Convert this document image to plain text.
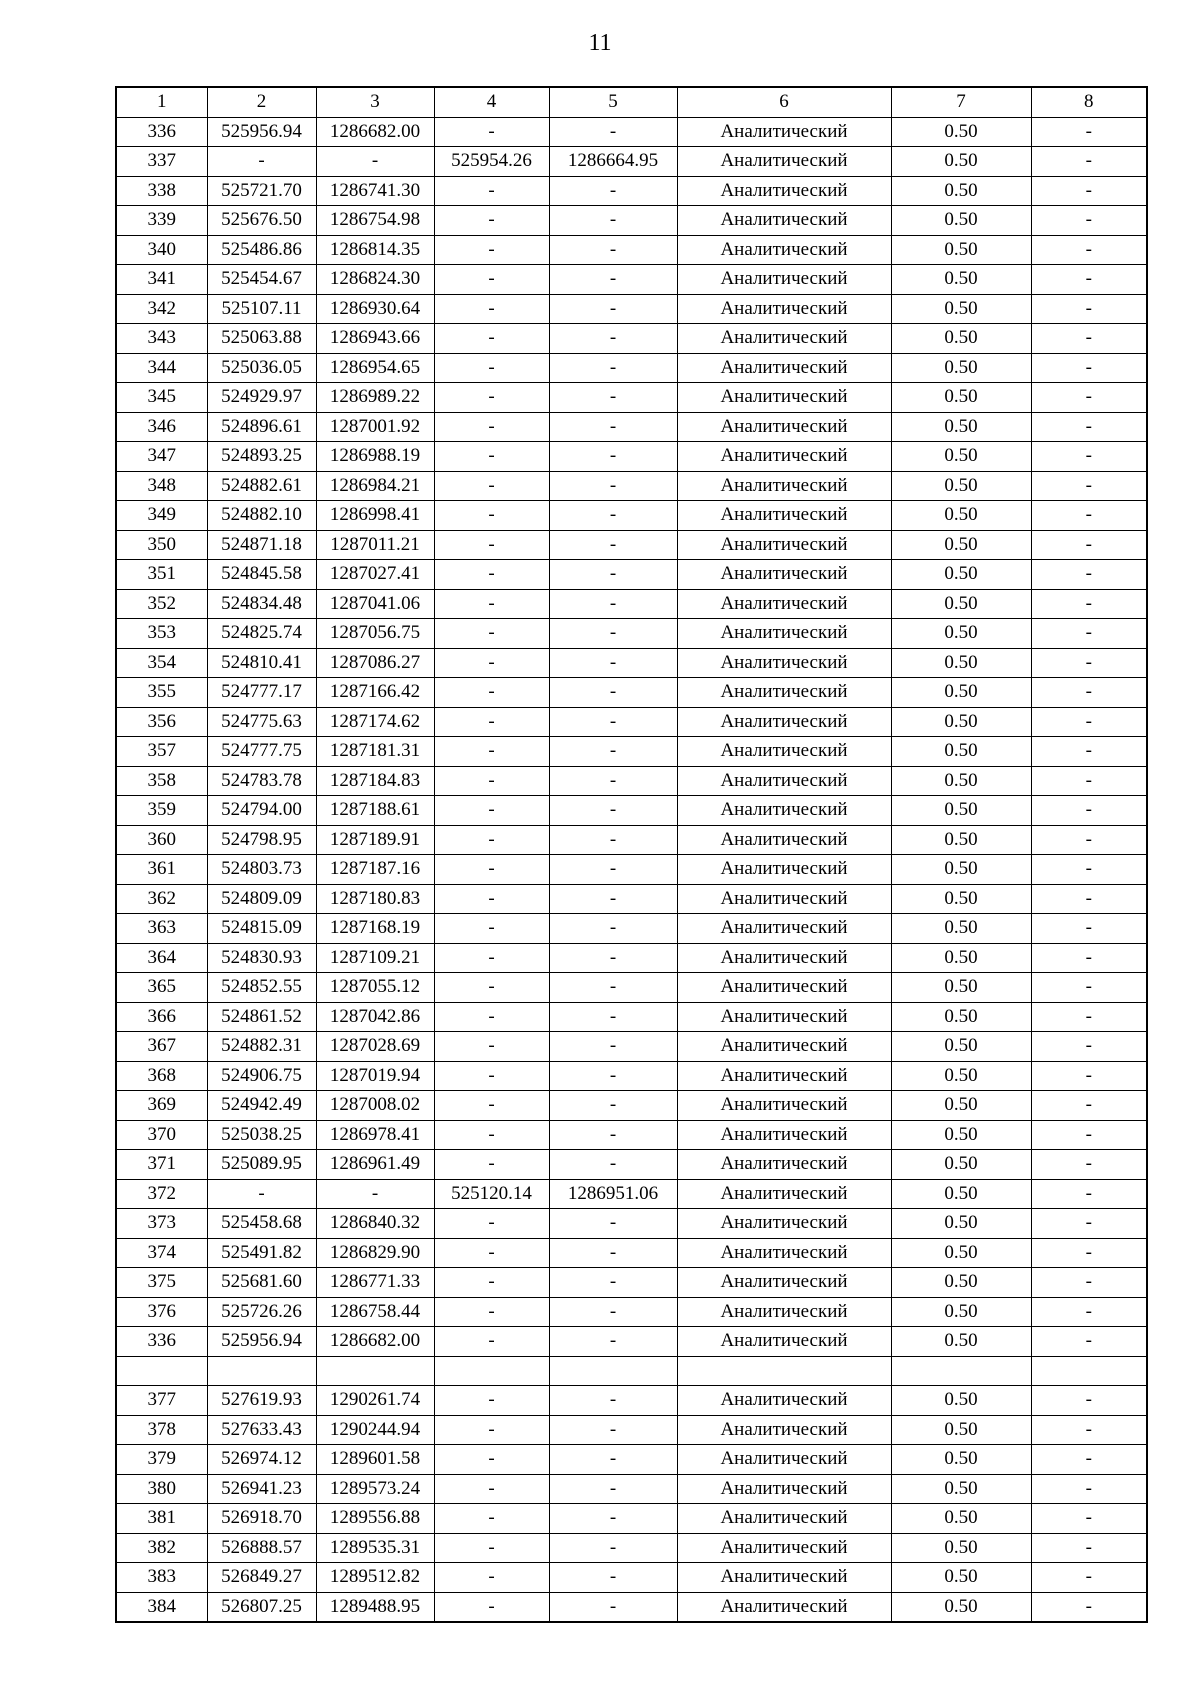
11
1	2	3	4	5	6	7	8
336	525956.94	1286682.00	-	-	Аналитический	0.50	-
337	-	-	525954.26	1286664.95	Аналитический	0.50	-
338	525721.70	1286741.30	-	-	Аналитический	0.50	-
339	525676.50	1286754.98	-	-	Аналитический	0.50	-
340	525486.86	1286814.35	-	-	Аналитический	0.50	-
341	525454.67	1286824.30	-	-	Аналитический	0.50	-
342	525107.11	1286930.64	-	-	Аналитический	0.50	-
343	525063.88	1286943.66	-	-	Аналитический	0.50	-
344	525036.05	1286954.65	-	-	Аналитический	0.50	-
345	524929.97	1286989.22	-	-	Аналитический	0.50	-
346	524896.61	1287001.92	-	-	Аналитический	0.50	-
347	524893.25	1286988.19	-	-	Аналитический	0.50	-
348	524882.61	1286984.21	-	-	Аналитический	0.50	-
349	524882.10	1286998.41	-	-	Аналитический	0.50	-
350	524871.18	1287011.21	-	-	Аналитический	0.50	-
351	524845.58	1287027.41	-	-	Аналитический	0.50	-
352	524834.48	1287041.06	-	-	Аналитический	0.50	-
353	524825.74	1287056.75	-	-	Аналитический	0.50	-
354	524810.41	1287086.27	-	-	Аналитический	0.50	-
355	524777.17	1287166.42	-	-	Аналитический	0.50	-
356	524775.63	1287174.62	-	-	Аналитический	0.50	-
357	524777.75	1287181.31	-	-	Аналитический	0.50	-
358	524783.78	1287184.83	-	-	Аналитический	0.50	-
359	524794.00	1287188.61	-	-	Аналитический	0.50	-
360	524798.95	1287189.91	-	-	Аналитический	0.50	-
361	524803.73	1287187.16	-	-	Аналитический	0.50	-
362	524809.09	1287180.83	-	-	Аналитический	0.50	-
363	524815.09	1287168.19	-	-	Аналитический	0.50	-
364	524830.93	1287109.21	-	-	Аналитический	0.50	-
365	524852.55	1287055.12	-	-	Аналитический	0.50	-
366	524861.52	1287042.86	-	-	Аналитический	0.50	-
367	524882.31	1287028.69	-	-	Аналитический	0.50	-
368	524906.75	1287019.94	-	-	Аналитический	0.50	-
369	524942.49	1287008.02	-	-	Аналитический	0.50	-
370	525038.25	1286978.41	-	-	Аналитический	0.50	-
371	525089.95	1286961.49	-	-	Аналитический	0.50	-
372	-	-	525120.14	1286951.06	Аналитический	0.50	-
373	525458.68	1286840.32	-	-	Аналитический	0.50	-
374	525491.82	1286829.90	-	-	Аналитический	0.50	-
375	525681.60	1286771.33	-	-	Аналитический	0.50	-
376	525726.26	1286758.44	-	-	Аналитический	0.50	-
336	525956.94	1286682.00	-	-	Аналитический	0.50	-

377	527619.93	1290261.74	-	-	Аналитический	0.50	-
378	527633.43	1290244.94	-	-	Аналитический	0.50	-
379	526974.12	1289601.58	-	-	Аналитический	0.50	-
380	526941.23	1289573.24	-	-	Аналитический	0.50	-
381	526918.70	1289556.88	-	-	Аналитический	0.50	-
382	526888.57	1289535.31	-	-	Аналитический	0.50	-
383	526849.27	1289512.82	-	-	Аналитический	0.50	-
384	526807.25	1289488.95	-	-	Аналитический	0.50	-
